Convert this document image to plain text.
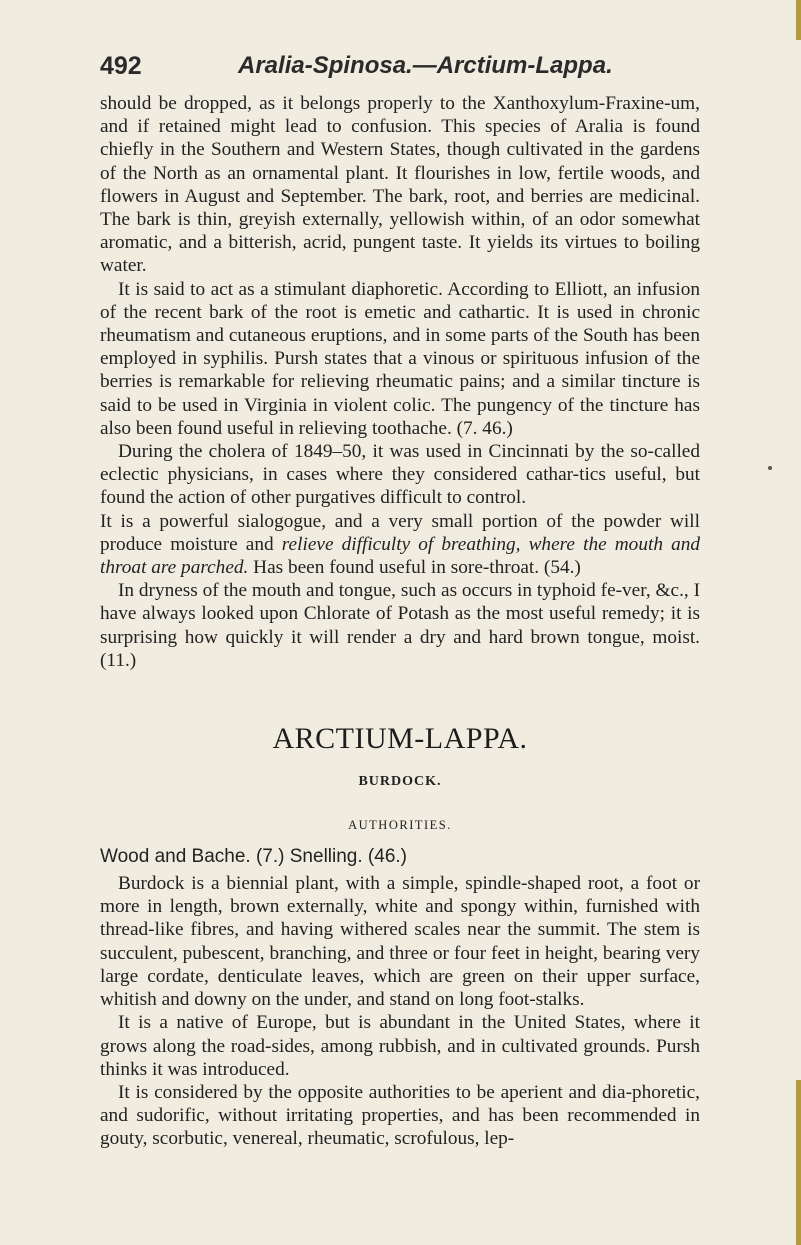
492	Aralia-Spinosa.—Arctium-Lappa.

should be dropped, as it belongs properly to the Xanthoxylum-Fraxine-um, and if retained might lead to confusion. This species of Aralia is found chiefly in the Southern and Western States, though cultivated in the gardens of the North as an ornamental plant. It flourishes in low, fertile woods, and flowers in August and September. The bark, root, and berries are medicinal. The bark is thin, greyish externally, yellowish within, of an odor somewhat aromatic, and a bitterish, acrid, pungent taste. It yields its virtues to boiling water.

It is said to act as a stimulant diaphoretic. According to Elliott, an infusion of the recent bark of the root is emetic and cathartic. It is used in chronic rheumatism and cutaneous eruptions, and in some parts of the South has been employed in syphilis. Pursh states that a vinous or spirituous infusion of the berries is remarkable for relieving rheumatic pains; and a similar tincture is said to be used in Virginia in violent colic. The pungency of the tincture has also been found useful in relieving toothache. (7. 46.)

During the cholera of 1849–50, it was used in Cincinnati by the so-called eclectic physicians, in cases where they considered cathar-tics useful, but found the action of other purgatives difficult to control.

It is a powerful sialogogue, and a very small portion of the powder will produce moisture and relieve difficulty of breathing, where the mouth and throat are parched. Has been found useful in sore-throat. (54.)

In dryness of the mouth and tongue, such as occurs in typhoid fe-ver, &c., I have always looked upon Chlorate of Potash as the most useful remedy; it is surprising how quickly it will render a dry and hard brown tongue, moist. (11.)

ARCTIUM-LAPPA.
BURDOCK.
AUTHORITIES.
Wood and Bache. (7.) Snelling. (46.)

Burdock is a biennial plant, with a simple, spindle-shaped root, a foot or more in length, brown externally, white and spongy within, furnished with thread-like fibres, and having withered scales near the summit. The stem is succulent, pubescent, branching, and three or four feet in height, bearing very large cordate, denticulate leaves, which are green on their upper surface, whitish and downy on the under, and stand on long foot-stalks.

It is a native of Europe, but is abundant in the United States, where it grows along the road-sides, among rubbish, and in cultivated grounds. Pursh thinks it was introduced.

It is considered by the opposite authorities to be aperient and dia-phoretic, and sudorific, without irritating properties, and has been recommended in gouty, scorbutic, venereal, rheumatic, scrofulous, lep-
